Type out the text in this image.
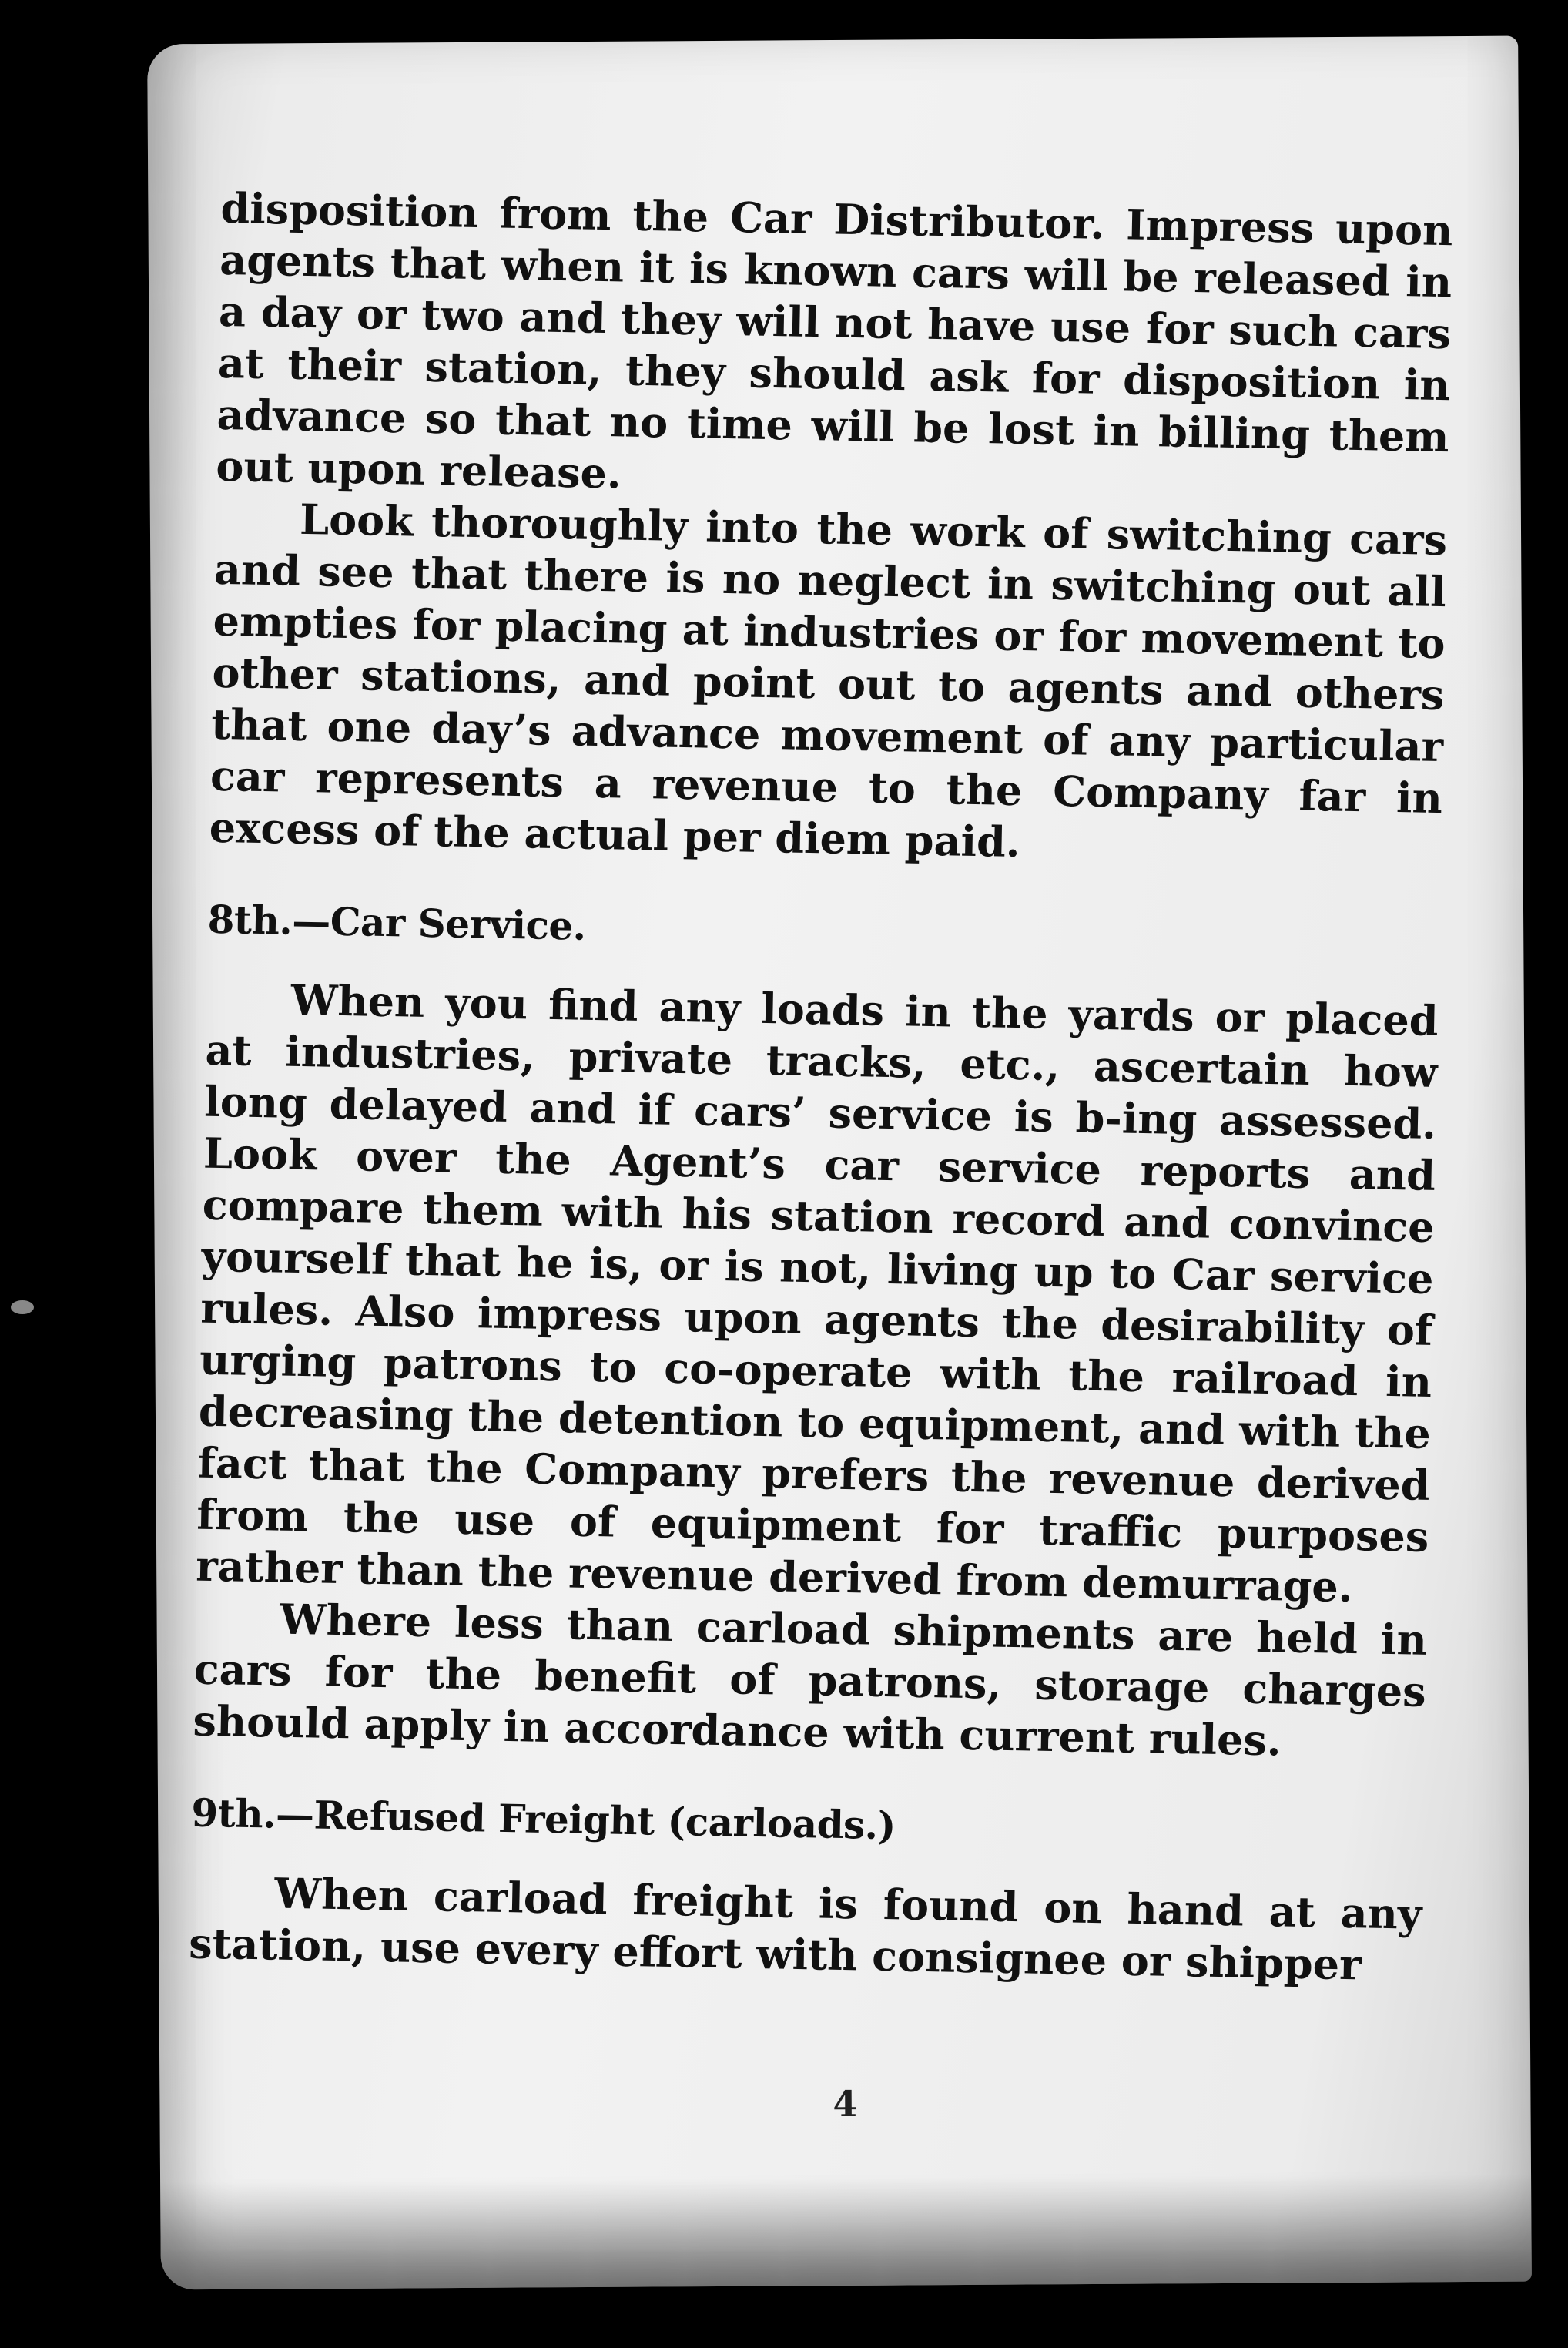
disposition from the Car Distributor. Impress upon agents that when it is known cars will be released in a day or two and they will not have use for such cars at their station, they should ask for disposition in advance so that no time will be lost in billing them out upon release.

Look thoroughly into the work of switching cars and see that there is no neglect in switching out all empties for placing at industries or for movement to other stations, and point out to agents and others that one day’s advance movement of any particular car represents a revenue to the Company far in excess of the actual per diem paid.

8th.—Car Service.

When you find any loads in the yards or placed at industries, private tracks, etc., ascertain how long delayed and if cars’ service is b-ing assessed. Look over the Agent’s car service reports and compare them with his station record and convince yourself that he is, or is not, living up to Car service rules. Also impress upon agents the desirability of urging patrons to co-operate with the railroad in decreasing the detention to equipment, and with the fact that the Company prefers the revenue derived from the use of equipment for traffic purposes rather than the revenue derived from demurrage.

Where less than carload shipments are held in cars for the benefit of patrons, storage charges should apply in accordance with current rules.

9th.—Refused Freight (carloads.)

When carload freight is found on hand at any station, use every effort with consignee or shipper

4
